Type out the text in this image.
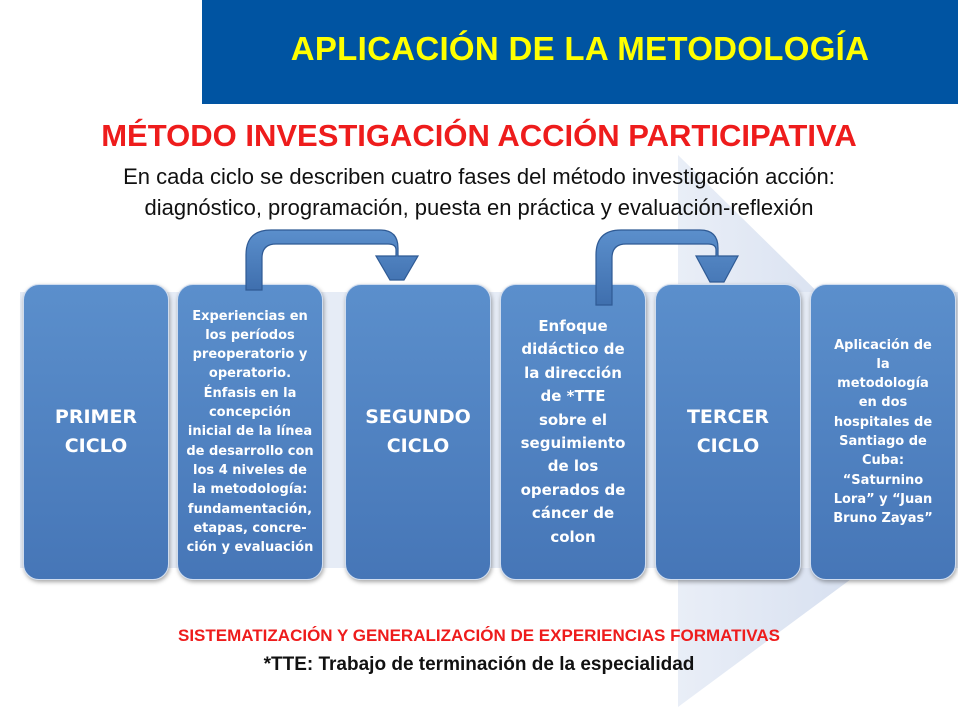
APLICACIÓN DE LA METODOLOGÍA
MÉTODO INVESTIGACIÓN ACCIÓN PARTICIPATIVA
En cada ciclo se describen cuatro fases del método investigación acción:
diagnóstico, programación, puesta en práctica y evaluación-reflexión
PRIMER
CICLO
Experiencias en
los períodos
preoperatorio y
operatorio.
Énfasis en la
concepción
inicial de la línea
de desarrollo con
los 4 niveles de
la metodología:
fundamentación,
etapas, concre-
ción y evaluación
SEGUNDO
CICLO
Enfoque
didáctico de
la dirección
de *TTE
sobre el
seguimiento
de los
operados de
cáncer de
colon
TERCER
CICLO
Aplicación de
la
metodología
en dos
hospitales de
Santiago de
Cuba:
“Saturnino
Lora” y “Juan
Bruno Zayas”
SISTEMATIZACIÓN Y GENERALIZACIÓN DE EXPERIENCIAS FORMATIVAS
*TTE: Trabajo de terminación de la especialidad
